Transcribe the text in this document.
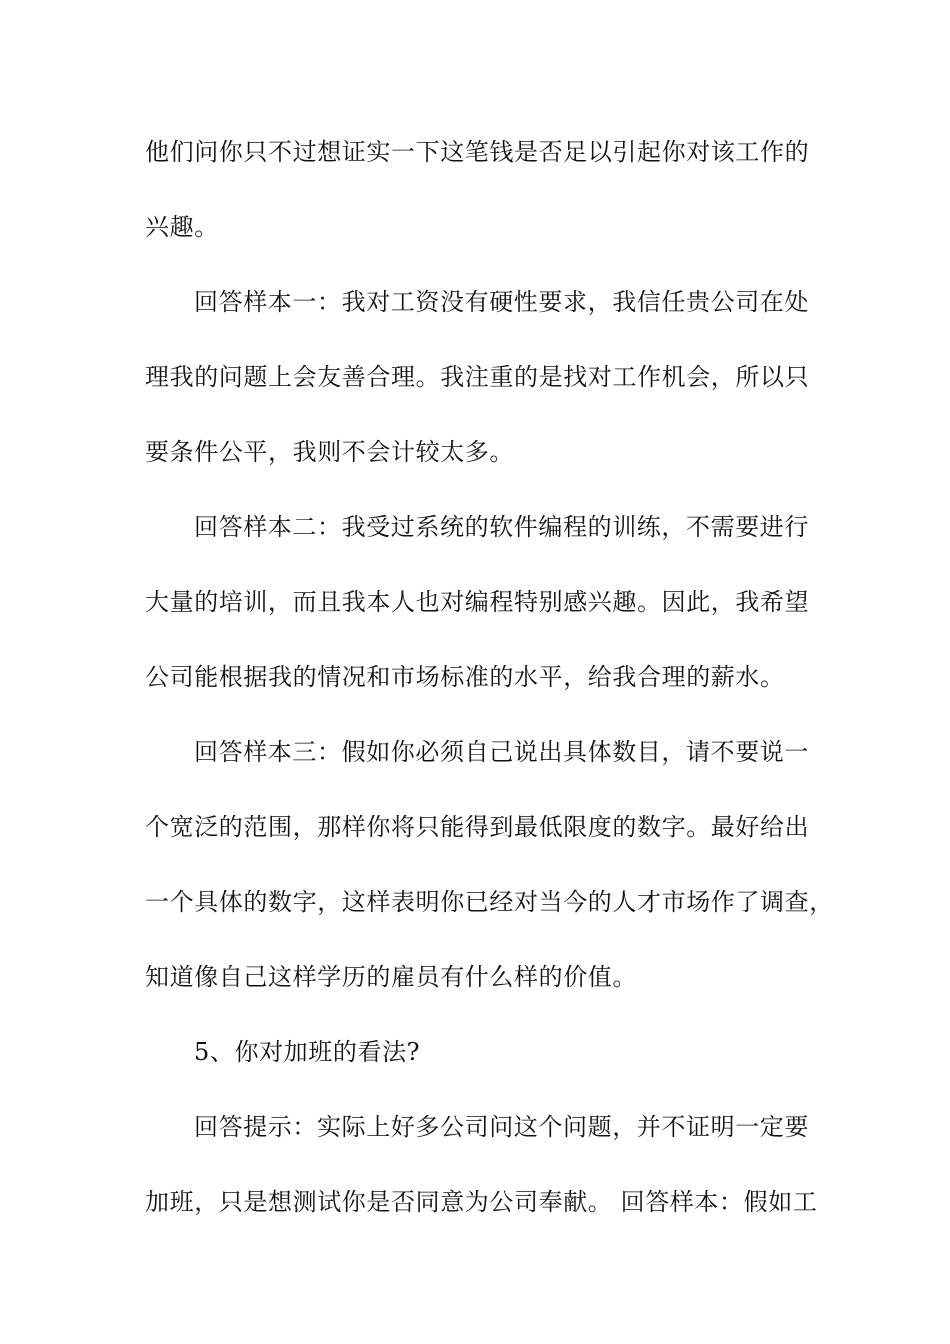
他们问你只不过想证实一下这笔钱是否足以引起你对该工作的

兴趣。

回答样本一：我对工资没有硬性要求，我信任贵公司在处

理我的问题上会友善合理。我注重的是找对工作机会，所以只

要条件公平，我则不会计较太多。

回答样本二：我受过系统的软件编程的训练，不需要进行

大量的培训，而且我本人也对编程特别感兴趣。因此，我希望

公司能根据我的情况和市场标准的水平，给我合理的薪水。

回答样本三：假如你必须自己说出具体数目，请不要说一

个宽泛的范围，那样你将只能得到最低限度的数字。最好给出

一个具体的数字，这样表明你已经对当今的人才市场作了调查，

知道像自己这样学历的雇员有什么样的价值。

5、你对加班的看法?

回答提示：实际上好多公司问这个问题，并不证明一定要

加班，只是想测试你是否同意为公司奉献。 回答样本：假如工
